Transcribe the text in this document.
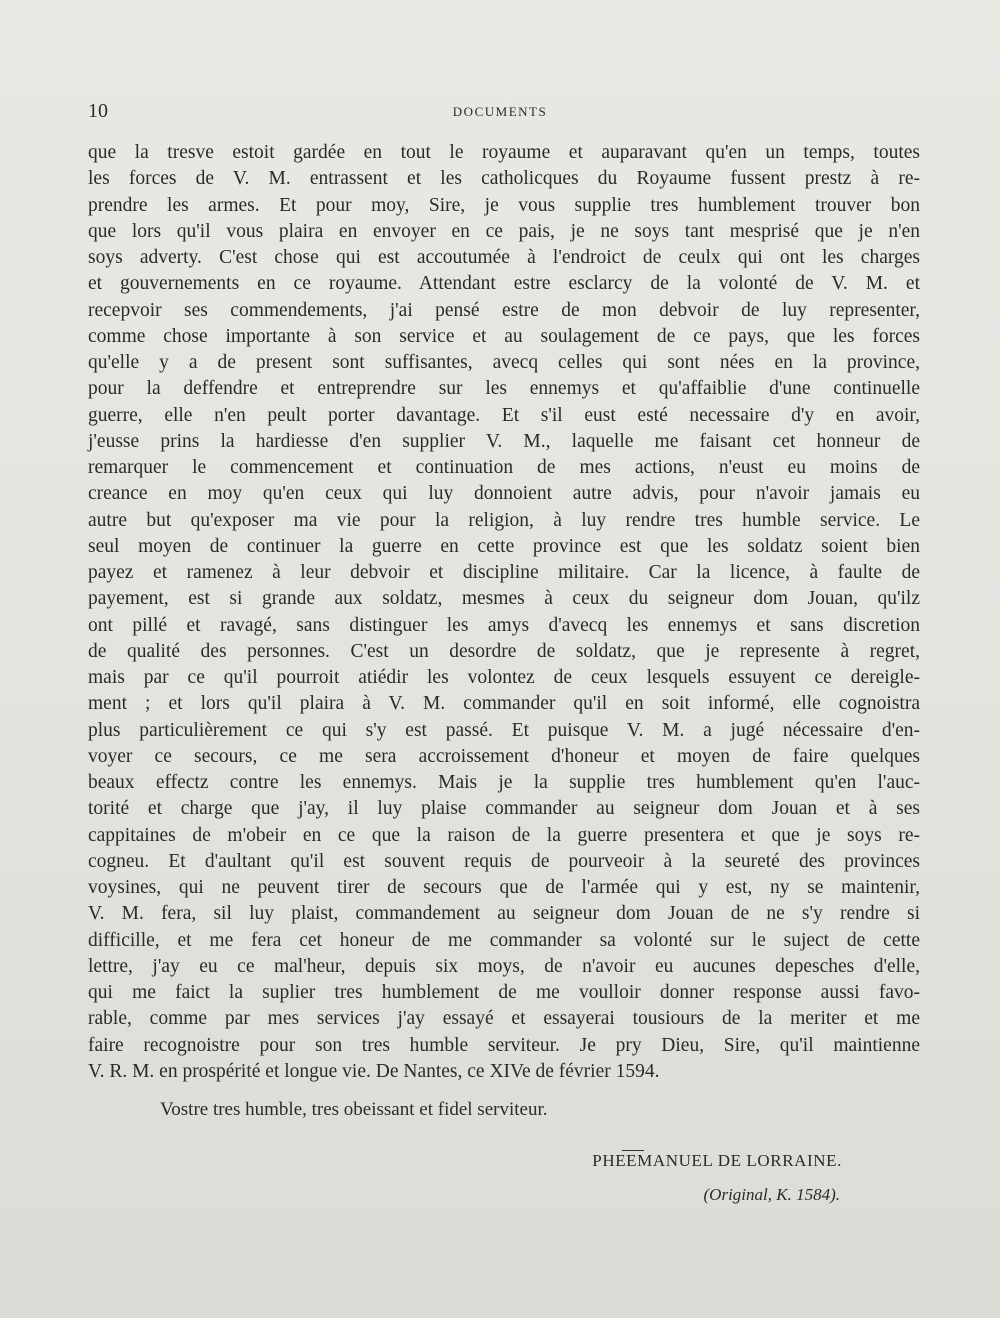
10	DOCUMENTS
que la tresve estoit gardée en tout le royaume et auparavant qu'en un temps, toutes
les forces de V. M. entrassent et les catholicques du Royaume fussent prestz à re-
prendre les armes. Et pour moy, Sire, je vous supplie tres humblement trouver bon
que lors qu'il vous plaira en envoyer en ce pais, je ne soys tant mesprisé que je n'en
soys adverty. C'est chose qui est accoutumée à l'endroict de ceulx qui ont les charges
et gouvernements en ce royaume. Attendant estre esclarcy de la volonté de V. M. et
recepvoir ses commendements, j'ai pensé estre de mon debvoir de luy representer,
comme chose importante à son service et au soulagement de ce pays, que les forces
qu'elle y a de present sont suffisantes, avecq celles qui sont nées en la province,
pour la deffendre et entreprendre sur les ennemys et qu'affaiblie d'une continuelle
guerre, elle n'en peult porter davantage. Et s'il eust esté necessaire d'y en avoir,
j'eusse prins la hardiesse d'en supplier V. M., laquelle me faisant cet honneur de
remarquer le commencement et continuation de mes actions, n'eust eu moins de
creance en moy qu'en ceux qui luy donnoient autre advis, pour n'avoir jamais eu
autre but qu'exposer ma vie pour la religion, à luy rendre tres humble service. Le
seul moyen de continuer la guerre en cette province est que les soldatz soient bien
payez et ramenez à leur debvoir et discipline militaire. Car la licence, à faulte de
payement, est si grande aux soldatz, mesmes à ceux du seigneur dom Jouan, qu'ilz
ont pillé et ravagé, sans distinguer les amys d'avecq les ennemys et sans discretion
de qualité des personnes. C'est un desordre de soldatz, que je represente à regret,
mais par ce qu'il pourroit atiédir les volontez de ceux lesquels essuyent ce dereigle-
ment ; et lors qu'il plaira à V. M. commander qu'il en soit informé, elle cognoistra
plus particulièrement ce qui s'y est passé. Et puisque V. M. a jugé nécessaire d'en-
voyer ce secours, ce me sera accroissement d'honeur et moyen de faire quelques
beaux effectz contre les ennemys. Mais je la supplie tres humblement qu'en l'auc-
torité et charge que j'ay, il luy plaise commander au seigneur dom Jouan et à ses
cappitaines de m'obeir en ce que la raison de la guerre presentera et que je soys re-
cogneu. Et d'aultant qu'il est souvent requis de pourveoir à la seureté des provinces
voysines, qui ne peuvent tirer de secours que de l'armée qui y est, ny se maintenir,
V. M. fera, sil luy plaist, commandement au seigneur dom Jouan de ne s'y rendre si
difficille, et me fera cet honeur de me commander sa volonté sur le suject de cette
lettre, j'ay eu ce mal'heur, depuis six moys, de n'avoir eu aucunes depesches d'elle,
qui me faict la suplier tres humblement de me voulloir donner response aussi favo-
rable, comme par mes services j'ay essayé et essayerai tousiours de la meriter et me
faire recognoistre pour son tres humble serviteur. Je pry Dieu, Sire, qu'il maintienne
V. R. M. en prospérité et longue vie. De Nantes, ce XIVe de février 1594.
Vostre tres humble, tres obeissant et fidel serviteur.
PHEEMANUEL DE LORRAINE.
(Original, K. 1584).
